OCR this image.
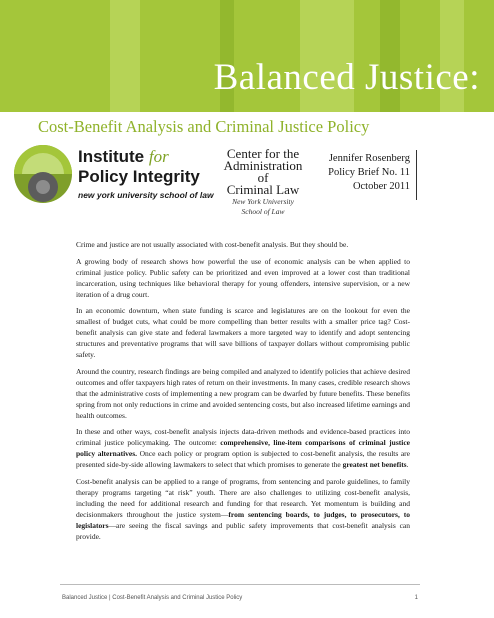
Balanced Justice:
Cost-Benefit Analysis and Criminal Justice Policy
Institute for
Policy Integrity
new york university school of law
Center for the
Administration of
Criminal Law
New York University
School of Law
Jennifer Rosenberg
Policy Brief No. 11
October 2011

Crime and justice are not usually associated with cost-benefit analysis. But they should be.

A growing body of research shows how powerful the use of economic analysis can be when applied to criminal justice policy. Public safety can be prioritized and even improved at a lower cost than traditional incarceration, using techniques like behavioral therapy for young offenders, intensive supervision, or a new iteration of a drug court.

In an economic downturn, when state funding is scarce and legislatures are on the lookout for even the smallest of budget cuts, what could be more compelling than better results with a smaller price tag? Cost-benefit analysis can give state and federal lawmakers a more targeted way to identify and adopt sentencing structures and preventative programs that will save billions of taxpayer dollars without compromising public safety.

Around the country, research findings are being compiled and analyzed to identify policies that achieve desired outcomes and offer taxpayers high rates of return on their investments. In many cases, credible research shows that the administrative costs of implementing a new program can be dwarfed by future benefits. These benefits spring from not only reductions in crime and avoided sentencing costs, but also increased lifetime earnings and health outcomes.

In these and other ways, cost-benefit analysis injects data-driven methods and evidence-based practices into criminal justice policymaking. The outcome: comprehensive, line-item comparisons of criminal justice policy alternatives. Once each policy or program option is subjected to cost-benefit analysis, the results are presented side-by-side allowing lawmakers to select that which promises to generate the greatest net benefits.

Cost-benefit analysis can be applied to a range of programs, from sentencing and parole guidelines, to family therapy programs targeting “at risk” youth. There are also challenges to utilizing cost-benefit analysis, including the need for additional research and funding for that research. Yet momentum is building and decisionmakers throughout the justice system—from sentencing boards, to judges, to prosecutors, to legislators—are seeing the fiscal savings and public safety improvements that cost-benefit analysis can provide.

Balanced Justice | Cost-Benefit Analysis and Criminal Justice Policy	1
